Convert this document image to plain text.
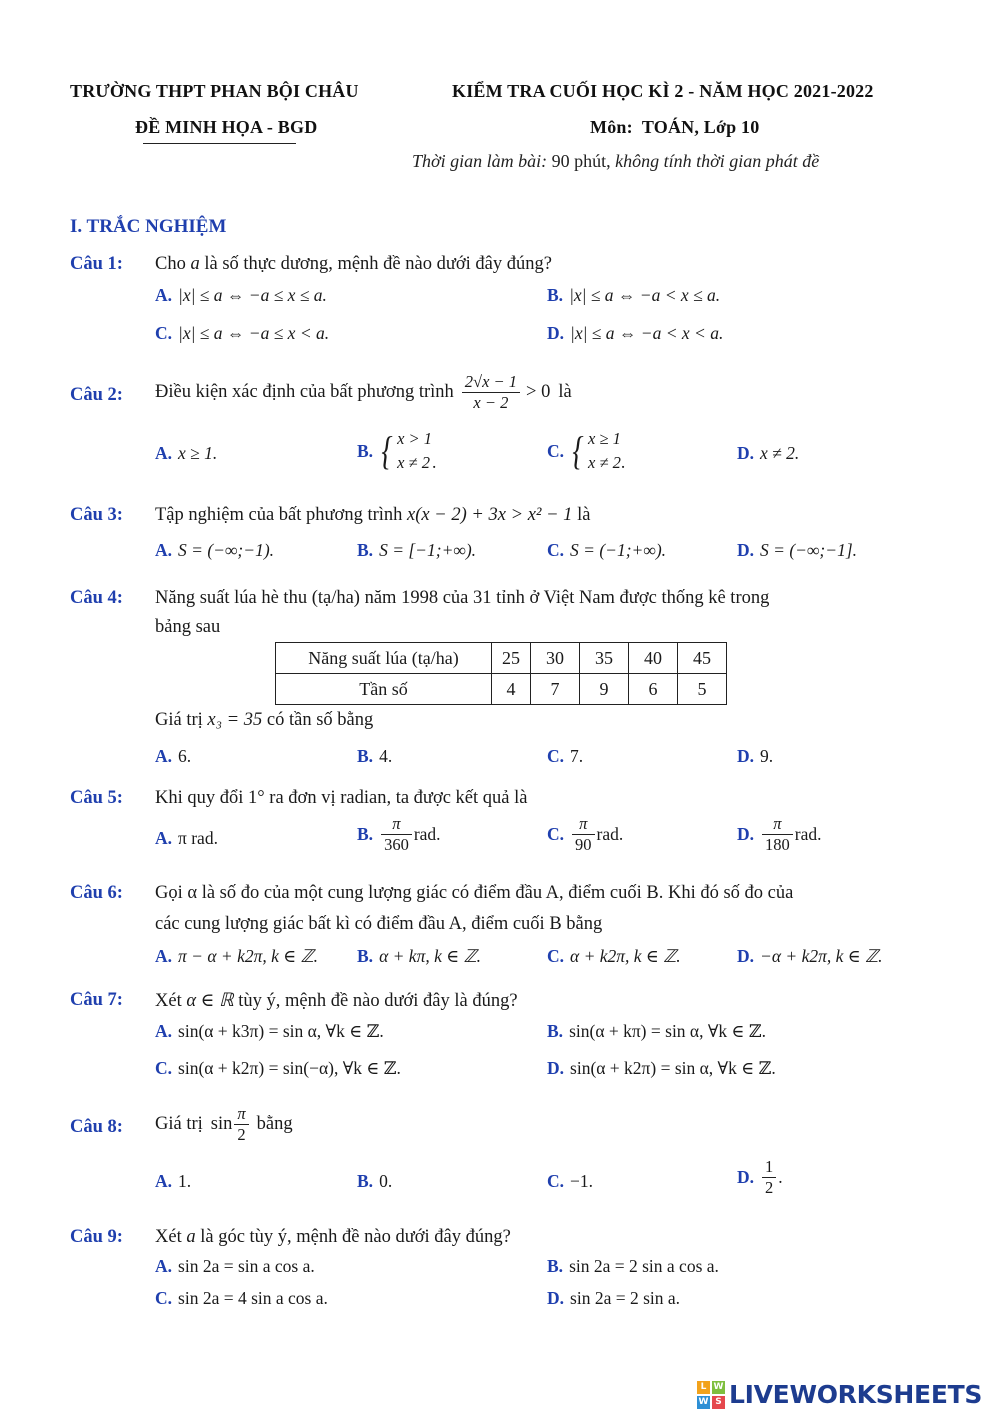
TRƯỜNG THPT PHAN BỘI CHÂU	KIỂM TRA CUỐI HỌC KÌ 2 - NĂM HỌC 2021-2022
ĐỀ MINH HỌA - BGD	Môn: TOÁN, Lớp 10
Thời gian làm bài: 90 phút, không tính thời gian phát đề
I. TRẮC NGHIỆM
Câu 1: Cho a là số thực dương, mệnh đề nào dưới đây đúng?
A. |x| ≤ a ⇔ −a ≤ x ≤ a.	B. |x| ≤ a ⇔ −a < x ≤ a.
C. |x| ≤ a ⇔ −a ≤ x < a.	D. |x| ≤ a ⇔ −a < x < a.
Câu 2: Điều kiện xác định của bất phương trình $\frac{2√x - 1}{x - 2} > 0$ là
A. x ≥ 1.	B. { x > 1
x ≠ 2 .
C. { x ≥ 1
x ≠ 2 .	D. x ≠ 2.
Câu 3: Tập nghiệm của bất phương trình x(x − 2) + 3x > x² − 1 là
A. S = (−∞;−1).	B. S = [−1;+∞).	C. S = (−1;+∞).	D. S = (−∞;−1].
Câu 4: Năng suất lúa hè thu (tạ/ha) năm 1998 của 31 tỉnh ở Việt Nam được thống kê trong
bảng sau
Năng suất lúa (tạ/ha)	25	30	35	40	45
Tần số	4	7	9	6	5
Giá trị x₃ = 35 có tần số bằng
A. 6.	B. 4.	C. 7.	D. 9.
Câu 5: Khi quy đổi 1° ra đơn vị radian, ta được kết quả là
A. π rad.	B. $\frac{\pi}{360}$ rad.	C. $\frac{\pi}{90}$ rad.	D. $\frac{\pi}{180}$ rad.
Câu 6: Gọi α là số đo của một cung lượng giác có điểm đầu A, điểm cuối B. Khi đó số đo của
các cung lượng giác bất kì có điểm đầu A, điểm cuối B bằng
A. π − α + k2π, k ∈ ℤ. B. α + kπ, k ∈ ℤ.	C. α + k2π, k ∈ ℤ.	D. −α + k2π, k ∈ ℤ.
Câu 7: Xét α ∈ ℝ tùy ý, mệnh đề nào dưới đây là đúng?
A. sin(α + k3π) = sin α, ∀k ∈ ℤ.	B. sin(α + kπ) = sin α, ∀k ∈ ℤ.
C. sin(α + k2π) = sin(−α), ∀k ∈ ℤ.	D. sin(α + k2π) = sin α, ∀k ∈ ℤ.
Câu 8: Giá trị $\sin \frac{\pi}{2}$ bằng
A. 1.	B. 0.	C. −1.	D. $\frac{1}{2}$ .
Câu 9: Xét a là góc tùy ý, mệnh đề nào dưới đây đúng?
A. sin 2a = sin a cos a.	B. sin 2a = 2 sin a cos a.
C. sin 2a = 4 sin a cos a.	D. sin 2a = 2 sin a.
L W
W S LIVEWORKSHEETS
